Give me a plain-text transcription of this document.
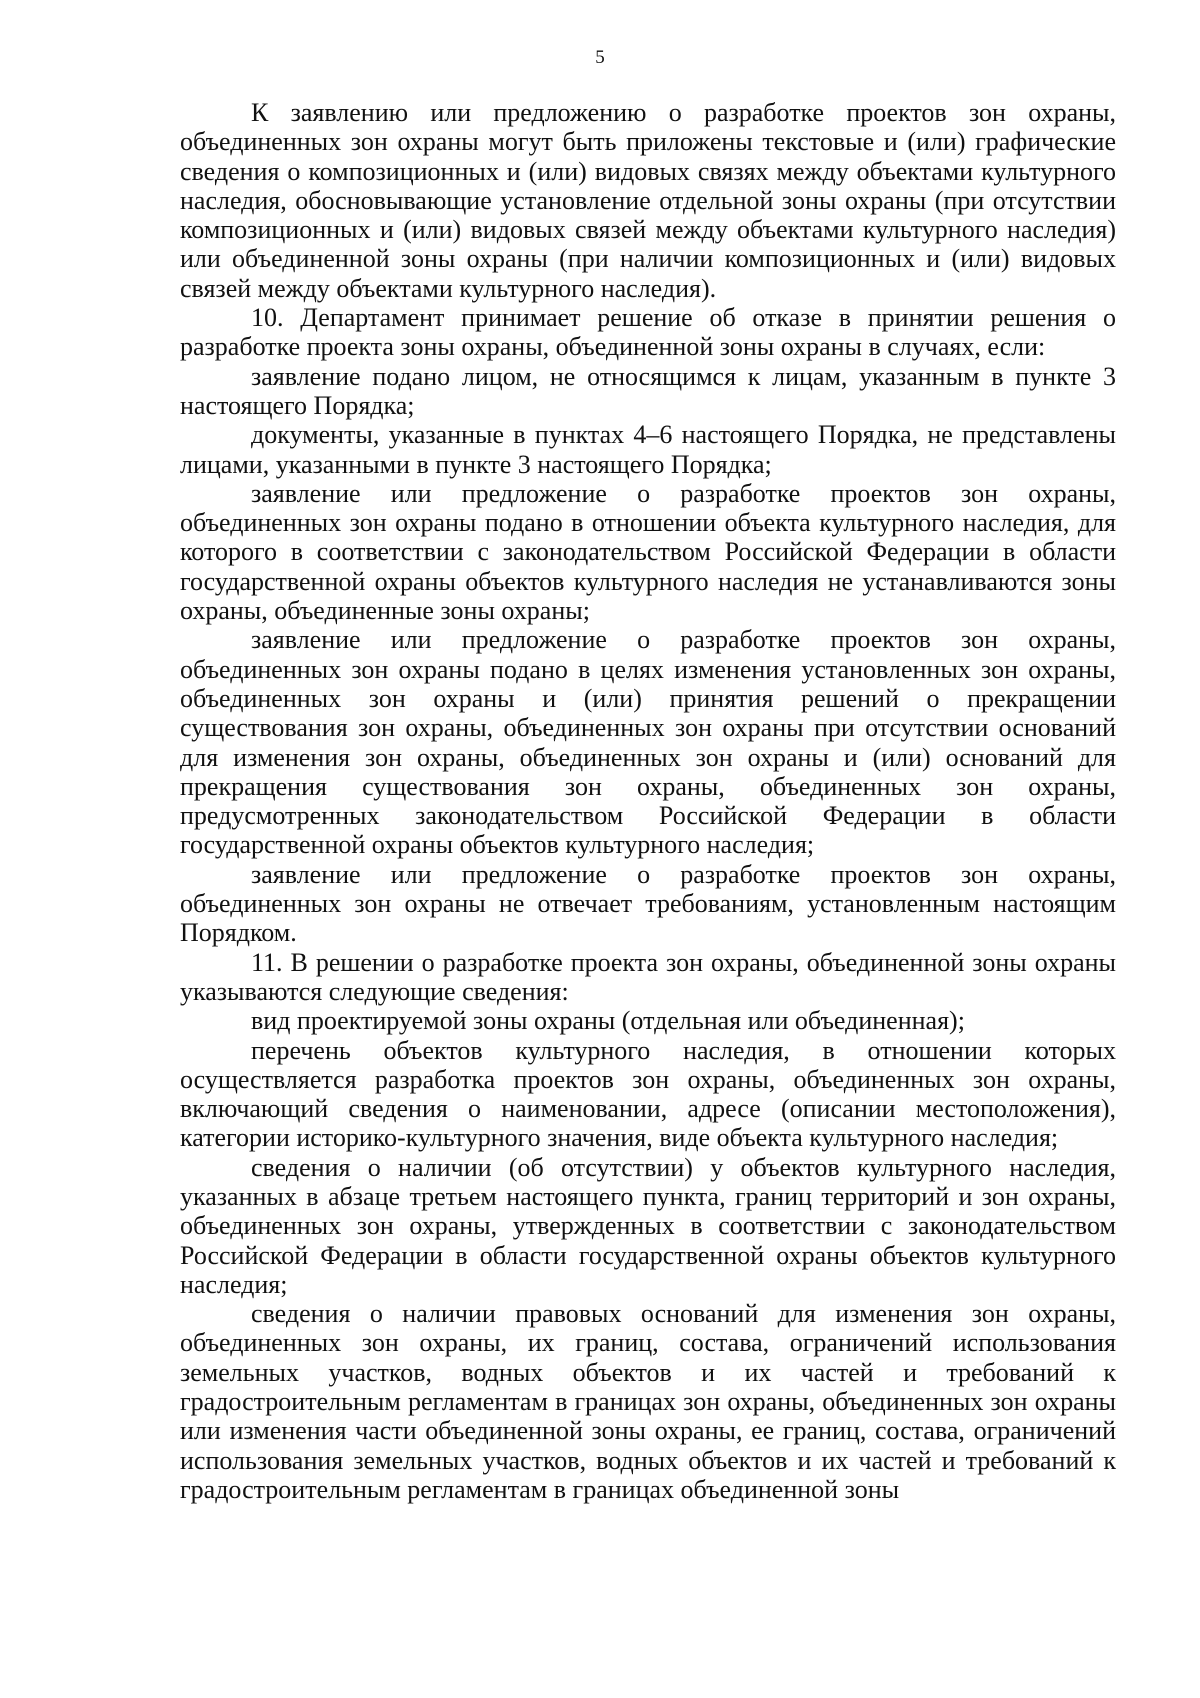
5

К заявлению или предложению о разработке проектов зон охраны, объединенных зон охраны могут быть приложены текстовые и (или) графические сведения о композиционных и (или) видовых связях между объектами культурного наследия, обосновывающие установление отдельной зоны охраны (при отсутствии композиционных и (или) видовых связей между объектами культурного наследия) или объединенной зоны охраны (при наличии композиционных и (или) видовых связей между объектами культурного наследия).

10. Департамент принимает решение об отказе в принятии решения о разработке проекта зоны охраны, объединенной зоны охраны в случаях, если:

заявление подано лицом, не относящимся к лицам, указанным в пункте 3 настоящего Порядка;

документы, указанные в пунктах 4–6 настоящего Порядка, не представлены лицами, указанными в пункте 3 настоящего Порядка;

заявление или предложение о разработке проектов зон охраны, объединенных зон охраны подано в отношении объекта культурного наследия, для которого в соответствии с законодательством Российской Федерации в области государственной охраны объектов культурного наследия не устанавливаются зоны охраны, объединенные зоны охраны;

заявление или предложение о разработке проектов зон охраны, объединенных зон охраны подано в целях изменения установленных зон охраны, объединенных зон охраны и (или) принятия решений о прекращении существования зон охраны, объединенных зон охраны при отсутствии оснований для изменения зон охраны, объединенных зон охраны и (или) оснований для прекращения существования зон охраны, объединенных зон охраны, предусмотренных законодательством Российской Федерации в области государственной охраны объектов культурного наследия;

заявление или предложение о разработке проектов зон охраны, объединенных зон охраны не отвечает требованиям, установленным настоящим Порядком.

11. В решении о разработке проекта зон охраны, объединенной зоны охраны указываются следующие сведения:

вид проектируемой зоны охраны (отдельная или объединенная);

перечень объектов культурного наследия, в отношении которых осуществляется разработка проектов зон охраны, объединенных зон охраны, включающий сведения о наименовании, адресе (описании местоположения), категории историко-культурного значения, виде объекта культурного наследия;

сведения о наличии (об отсутствии) у объектов культурного наследия, указанных в абзаце третьем настоящего пункта, границ территорий и зон охраны, объединенных зон охраны, утвержденных в соответствии с законодательством Российской Федерации в области государственной охраны объектов культурного наследия;

сведения о наличии правовых оснований для изменения зон охраны, объединенных зон охраны, их границ, состава, ограничений использования земельных участков, водных объектов и их частей и требований к градостроительным регламентам в границах зон охраны, объединенных зон охраны или изменения части объединенной зоны охраны, ее границ, состава, ограничений использования земельных участков, водных объектов и их частей и требований к градостроительным регламентам в границах объединенной зоны
